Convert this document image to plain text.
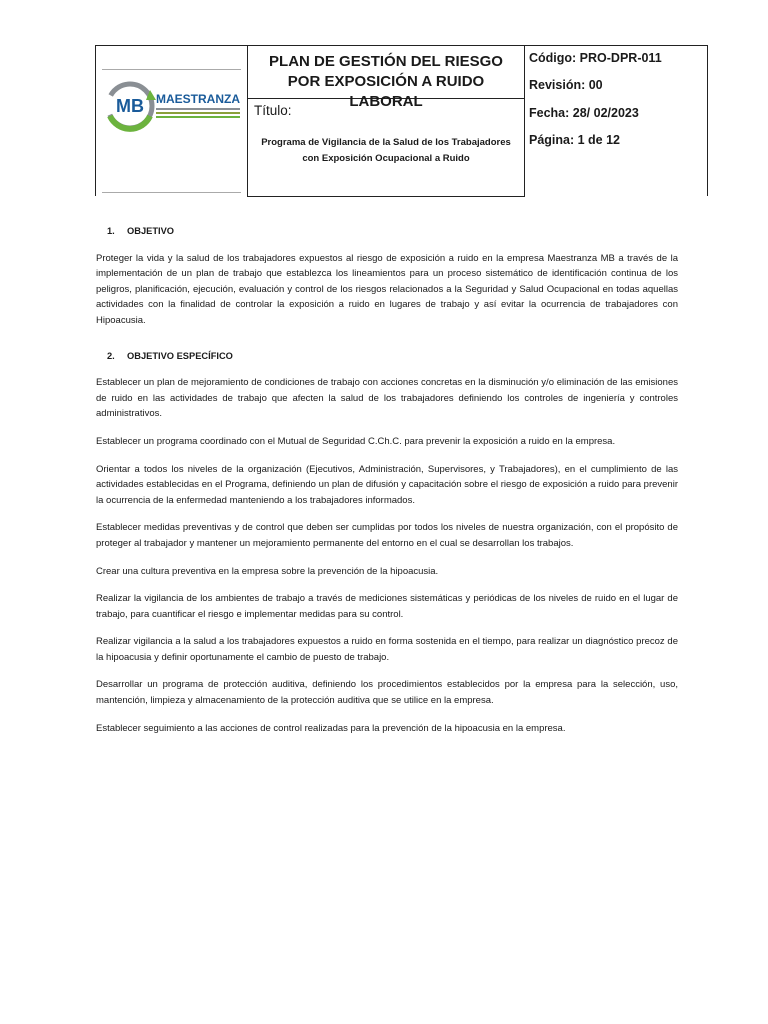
MB MAESTRANZA

PLAN DE GESTIÓN DEL RIESGO
POR EXPOSICIÓN A RUIDO LABORAL
Título:
Programa de Vigilancia de la Salud de los Trabajadores
con Exposición Ocupacional a Ruido

Código: PRO-DPR-011
Revisión: 00
Fecha: 28/ 02/2023
Página: 1 de 12
1. OBJETIVO

Proteger la vida y la salud de los trabajadores expuestos al riesgo de exposición a ruido en la empresa Maestranza MB a través de la implementación de un plan de trabajo que establezca los lineamientos para un proceso sistemático de identificación continua de los peligros, planificación, ejecución, evaluación y control de los riesgos relacionados a la Seguridad y Salud Ocupacional en todas aquellas actividades con la finalidad de controlar la exposición a ruido en lugares de trabajo y así evitar la ocurrencia de trabajadores con Hipoacusia.

2. OBJETIVO ESPECÍFICO

Establecer un plan de mejoramiento de condiciones de trabajo con acciones concretas en la disminución y/o eliminación de las emisiones de ruido en las actividades de trabajo que afecten la salud de los trabajadores definiendo los controles de ingeniería y controles administrativos.

Establecer un programa coordinado con el Mutual de Seguridad C.Ch.C. para prevenir la exposición a ruido en la empresa.

Orientar a todos los niveles de la organización (Ejecutivos, Administración, Supervisores, y Trabajadores), en el cumplimiento de las actividades establecidas en el Programa, definiendo un plan de difusión y capacitación sobre el riesgo de exposición a ruido para prevenir la ocurrencia de la enfermedad manteniendo a los trabajadores informados.

Establecer medidas preventivas y de control que deben ser cumplidas por todos los niveles de nuestra organización, con el propósito de proteger al trabajador y mantener un mejoramiento permanente del entorno en el cual se desarrollan los trabajos.

Crear una cultura preventiva en la empresa sobre la prevención de la hipoacusia.

Realizar la vigilancia de los ambientes de trabajo a través de mediciones sistemáticas y periódicas de los niveles de ruido en el lugar de trabajo, para cuantificar el riesgo e implementar medidas para su control.

Realizar vigilancia a la salud a los trabajadores expuestos a ruido en forma sostenida en el tiempo, para realizar un diagnóstico precoz de la hipoacusia y definir oportunamente el cambio de puesto de trabajo.

Desarrollar un programa de protección auditiva, definiendo los procedimientos establecidos por la empresa para la selección, uso, mantención, limpieza y almacenamiento de la protección auditiva que se utilice en la empresa.

Establecer seguimiento a las acciones de control realizadas para la prevención de la hipoacusia en la empresa.
